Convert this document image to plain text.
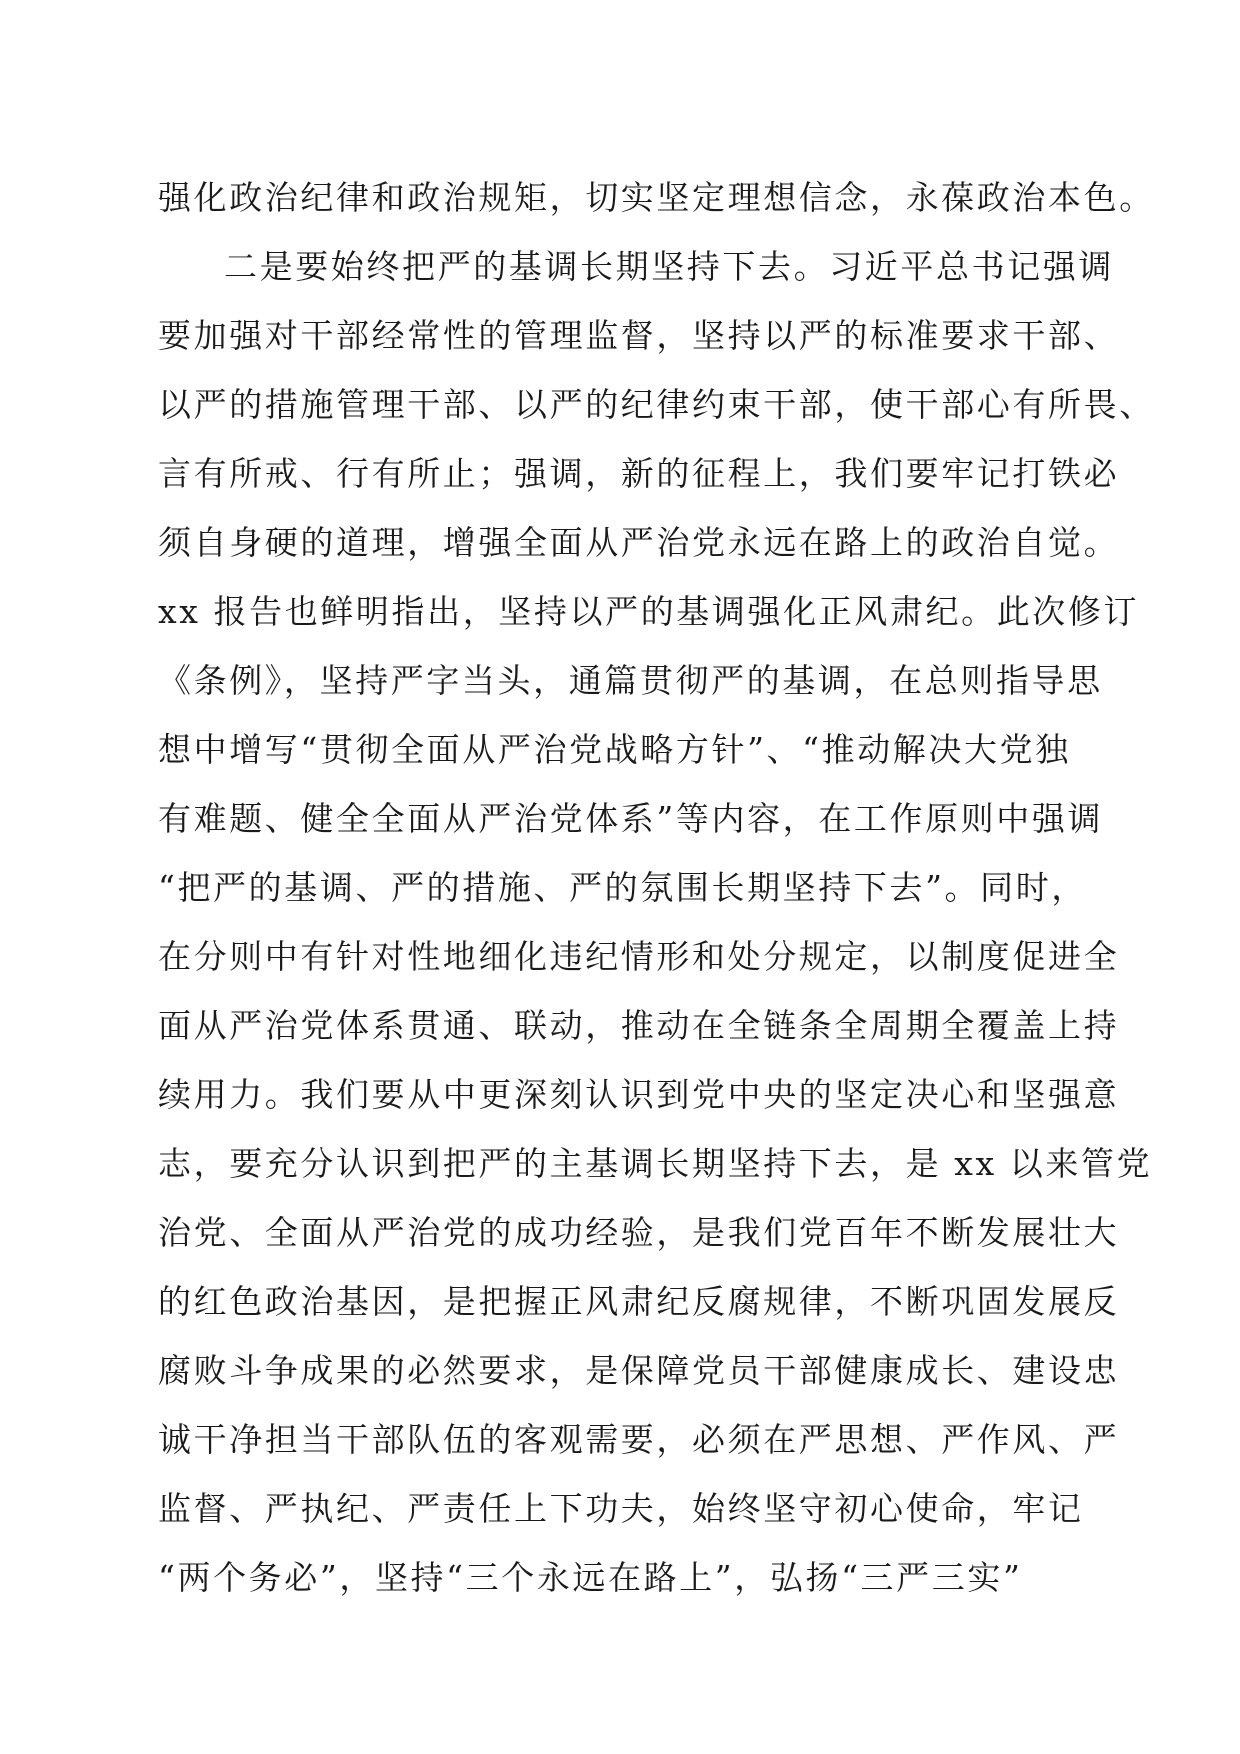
强化政治纪律和政治规矩，切实坚定理想信念，永葆政治本色。
二是要始终把严的基调长期坚持下去。习近平总书记强调
要加强对干部经常性的管理监督，坚持以严的标准要求干部、
以严的措施管理干部、以严的纪律约束干部，使干部心有所畏、
言有所戒、行有所止；强调，新的征程上，我们要牢记打铁必
须自身硬的道理，增强全面从严治党永远在路上的政治自觉。
xx 报告也鲜明指出，坚持以严的基调强化正风肃纪。此次修订
《条例》，坚持严字当头，通篇贯彻严的基调，在总则指导思
想中增写“贯彻全面从严治党战略方针”、“推动解决大党独
有难题、健全全面从严治党体系”等内容，在工作原则中强调
“把严的基调、严的措施、严的氛围长期坚持下去”。同时，
在分则中有针对性地细化违纪情形和处分规定，以制度促进全
面从严治党体系贯通、联动，推动在全链条全周期全覆盖上持
续用力。我们要从中更深刻认识到党中央的坚定决心和坚强意
志，要充分认识到把严的主基调长期坚持下去，是 xx 以来管党
治党、全面从严治党的成功经验，是我们党百年不断发展壮大
的红色政治基因，是把握正风肃纪反腐规律，不断巩固发展反
腐败斗争成果的必然要求，是保障党员干部健康成长、建设忠
诚干净担当干部队伍的客观需要，必须在严思想、严作风、严
监督、严执纪、严责任上下功夫，始终坚守初心使命，牢记
“两个务必”，坚持“三个永远在路上”，弘扬“三严三实”
